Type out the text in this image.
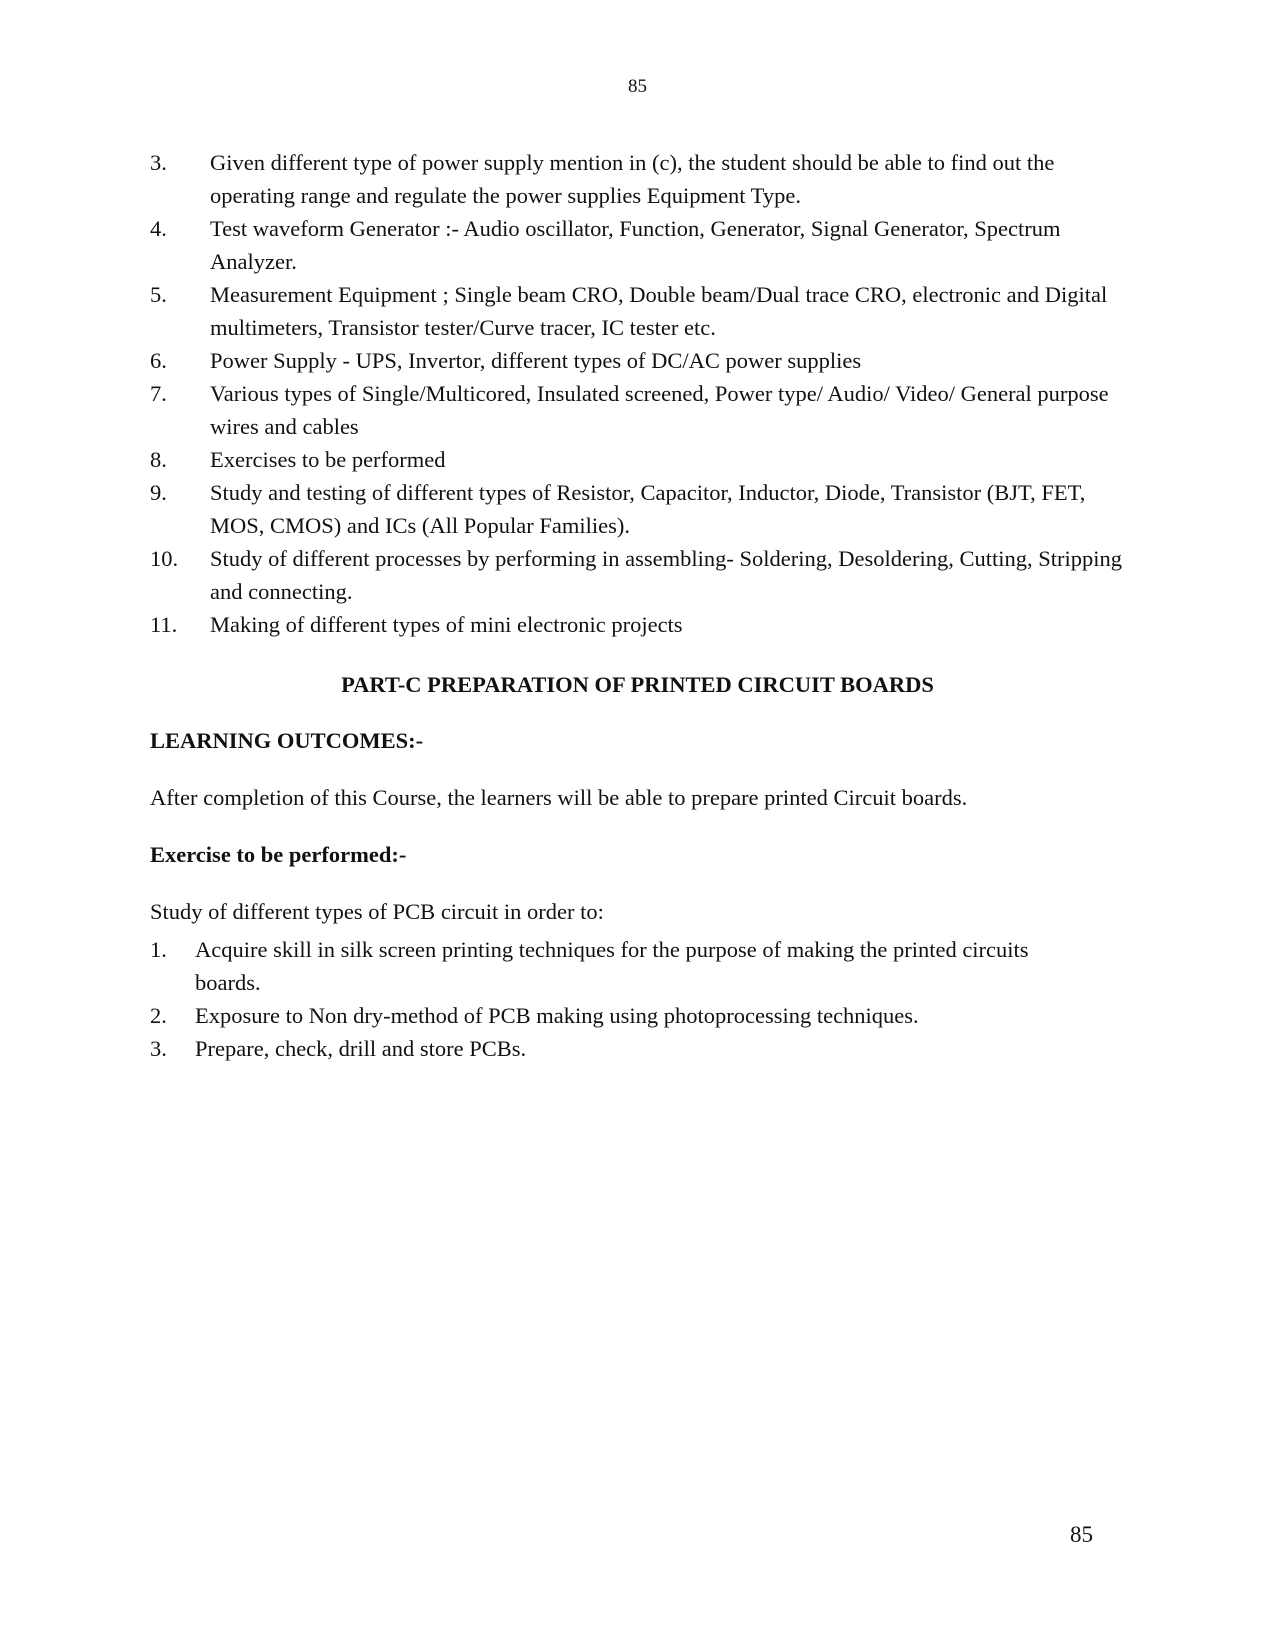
85
3. Given different type of power supply mention in (c), the student should be able to find out the operating range and regulate the power supplies Equipment Type.
4. Test waveform Generator :- Audio oscillator, Function, Generator, Signal Generator, Spectrum Analyzer.
5. Measurement Equipment ; Single beam CRO, Double beam/Dual trace CRO, electronic and Digital multimeters, Transistor tester/Curve tracer, IC tester etc.
6. Power Supply - UPS, Invertor, different types of DC/AC power supplies
7. Various types of Single/Multicored, Insulated screened, Power type/ Audio/ Video/ General purpose wires and cables
8. Exercises to be performed
9. Study and testing of different types of Resistor, Capacitor, Inductor, Diode, Transistor (BJT, FET, MOS, CMOS) and ICs (All Popular Families).
10. Study of different processes by performing in assembling- Soldering, Desoldering, Cutting, Stripping and connecting.
11. Making of different types of mini electronic projects
PART-C PREPARATION OF PRINTED CIRCUIT BOARDS
LEARNING OUTCOMES:-
After completion of this Course, the learners will be able to prepare printed Circuit boards.
Exercise to be performed:-
Study of different types of PCB circuit in order to:
1. Acquire skill in silk screen printing techniques for the purpose of making the printed circuits boards.
2. Exposure to Non dry-method of PCB making using photoprocessing techniques.
3. Prepare, check, drill and store PCBs.
85
